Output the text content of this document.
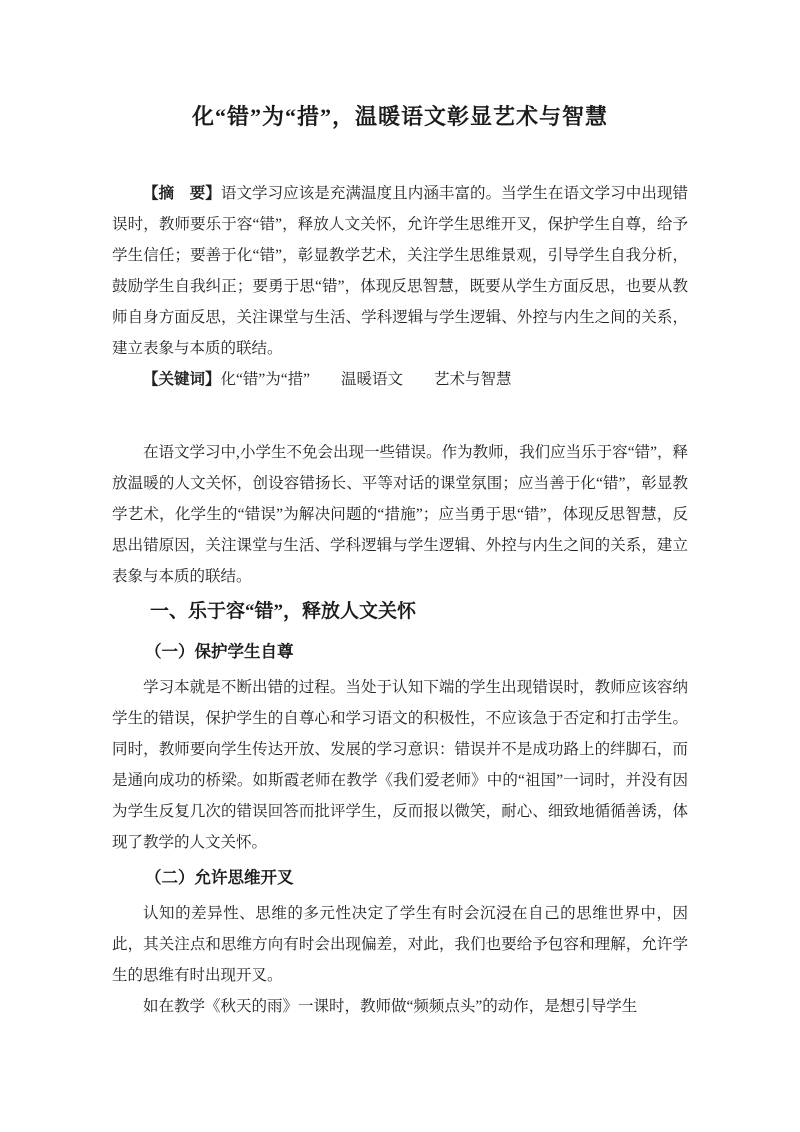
化“错”为“措”，温暖语文彰显艺术与智慧

【摘　要】语文学习应该是充满温度且内涵丰富的。当学生在语文学习中出现错误时，教师要乐于容“错”，释放人文关怀，允许学生思维开叉，保护学生自尊，给予学生信任；要善于化“错”，彰显教学艺术，关注学生思维景观，引导学生自我分析，鼓励学生自我纠正；要勇于思“错”，体现反思智慧，既要从学生方面反思，也要从教师自身方面反思，关注课堂与生活、学科逻辑与学生逻辑、外控与内生之间的关系，建立表象与本质的联结。

【关键词】化“错”为“措”　　温暖语文　　艺术与智慧

在语文学习中,小学生不免会出现一些错误。作为教师，我们应当乐于容“错”，释放温暖的人文关怀，创设容错扬长、平等对话的课堂氛围；应当善于化“错”，彰显教学艺术，化学生的“错误”为解决问题的“措施”；应当勇于思“错”，体现反思智慧，反思出错原因，关注课堂与生活、学科逻辑与学生逻辑、外控与内生之间的关系，建立表象与本质的联结。

一、乐于容“错”，释放人文关怀
（一）保护学生自尊

学习本就是不断出错的过程。当处于认知下端的学生出现错误时，教师应该容纳学生的错误，保护学生的自尊心和学习语文的积极性，不应该急于否定和打击学生。同时，教师要向学生传达开放、发展的学习意识：错误并不是成功路上的绊脚石，而是通向成功的桥梁。如斯霞老师在教学《我们爱老师》中的“祖国”一词时，并没有因为学生反复几次的错误回答而批评学生，反而报以微笑，耐心、细致地循循善诱，体现了教学的人文关怀。

（二）允许思维开叉

认知的差异性、思维的多元性决定了学生有时会沉浸在自己的思维世界中，因此，其关注点和思维方向有时会出现偏差，对此，我们也要给予包容和理解，允许学生的思维有时出现开叉。

如在教学《秋天的雨》一课时，教师做“频频点头”的动作，是想引导学生
